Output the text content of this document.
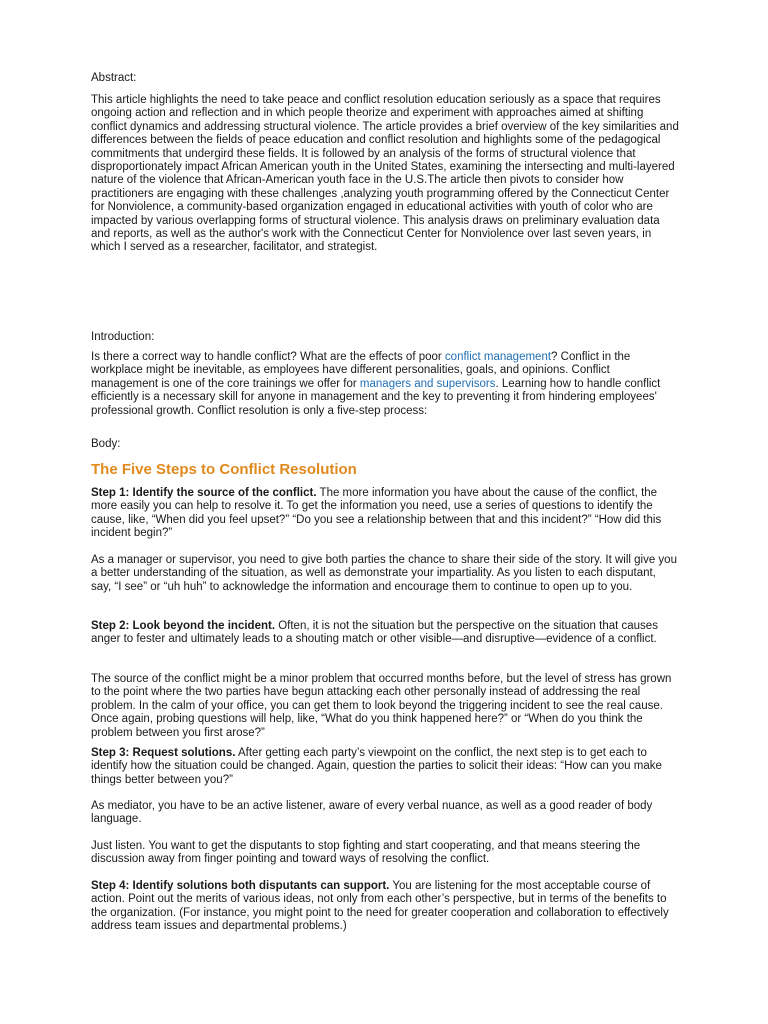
Abstract:

This article highlights the need to take peace and conflict resolution education seriously as a space that requires ongoing action and reflection and in which people theorize and experiment with approaches aimed at shifting conflict dynamics and addressing structural violence. The article provides a brief overview of the key similarities and differences between the fields of peace education and conflict resolution and highlights some of the pedagogical commitments that undergird these fields. It is followed by an analysis of the forms of structural violence that disproportionately impact African American youth in the United States, examining the intersecting and multi-layered nature of the violence that African-American youth face in the U.S.The article then pivots to consider how practitioners are engaging with these challenges ,analyzing youth programming offered by the Connecticut Center for Nonviolence, a community-based organization engaged in educational activities with youth of color who are impacted by various overlapping forms of structural violence. This analysis draws on preliminary evaluation data and reports, as well as the author's work with the Connecticut Center for Nonviolence over last seven years, in which I served as a researcher, facilitator, and strategist.

Introduction:

Is there a correct way to handle conflict? What are the effects of poor conflict management? Conflict in the workplace might be inevitable, as employees have different personalities, goals, and opinions. Conflict management is one of the core trainings we offer for managers and supervisors. Learning how to handle conflict efficiently is a necessary skill for anyone in management and the key to preventing it from hindering employees' professional growth. Conflict resolution is only a five-step process:

Body:

The Five Steps to Conflict Resolution

Step 1: Identify the source of the conflict. The more information you have about the cause of the conflict, the more easily you can help to resolve it. To get the information you need, use a series of questions to identify the cause, like, “When did you feel upset?” “Do you see a relationship between that and this incident?” “How did this incident begin?”

As a manager or supervisor, you need to give both parties the chance to share their side of the story. It will give you a better understanding of the situation, as well as demonstrate your impartiality. As you listen to each disputant, say, “I see” or “uh huh” to acknowledge the information and encourage them to continue to open up to you.

Step 2: Look beyond the incident. Often, it is not the situation but the perspective on the situation that causes anger to fester and ultimately leads to a shouting match or other visible—and disruptive—evidence of a conflict.

The source of the conflict might be a minor problem that occurred months before, but the level of stress has grown to the point where the two parties have begun attacking each other personally instead of addressing the real problem. In the calm of your office, you can get them to look beyond the triggering incident to see the real cause. Once again, probing questions will help, like, “What do you think happened here?” or “When do you think the problem between you first arose?”

Step 3: Request solutions. After getting each party’s viewpoint on the conflict, the next step is to get each to identify how the situation could be changed. Again, question the parties to solicit their ideas: “How can you make things better between you?”

As mediator, you have to be an active listener, aware of every verbal nuance, as well as a good reader of body language.

Just listen. You want to get the disputants to stop fighting and start cooperating, and that means steering the discussion away from finger pointing and toward ways of resolving the conflict.

Step 4: Identify solutions both disputants can support. You are listening for the most acceptable course of action. Point out the merits of various ideas, not only from each other’s perspective, but in terms of the benefits to the organization. (For instance, you might point to the need for greater cooperation and collaboration to effectively address team issues and departmental problems.)
